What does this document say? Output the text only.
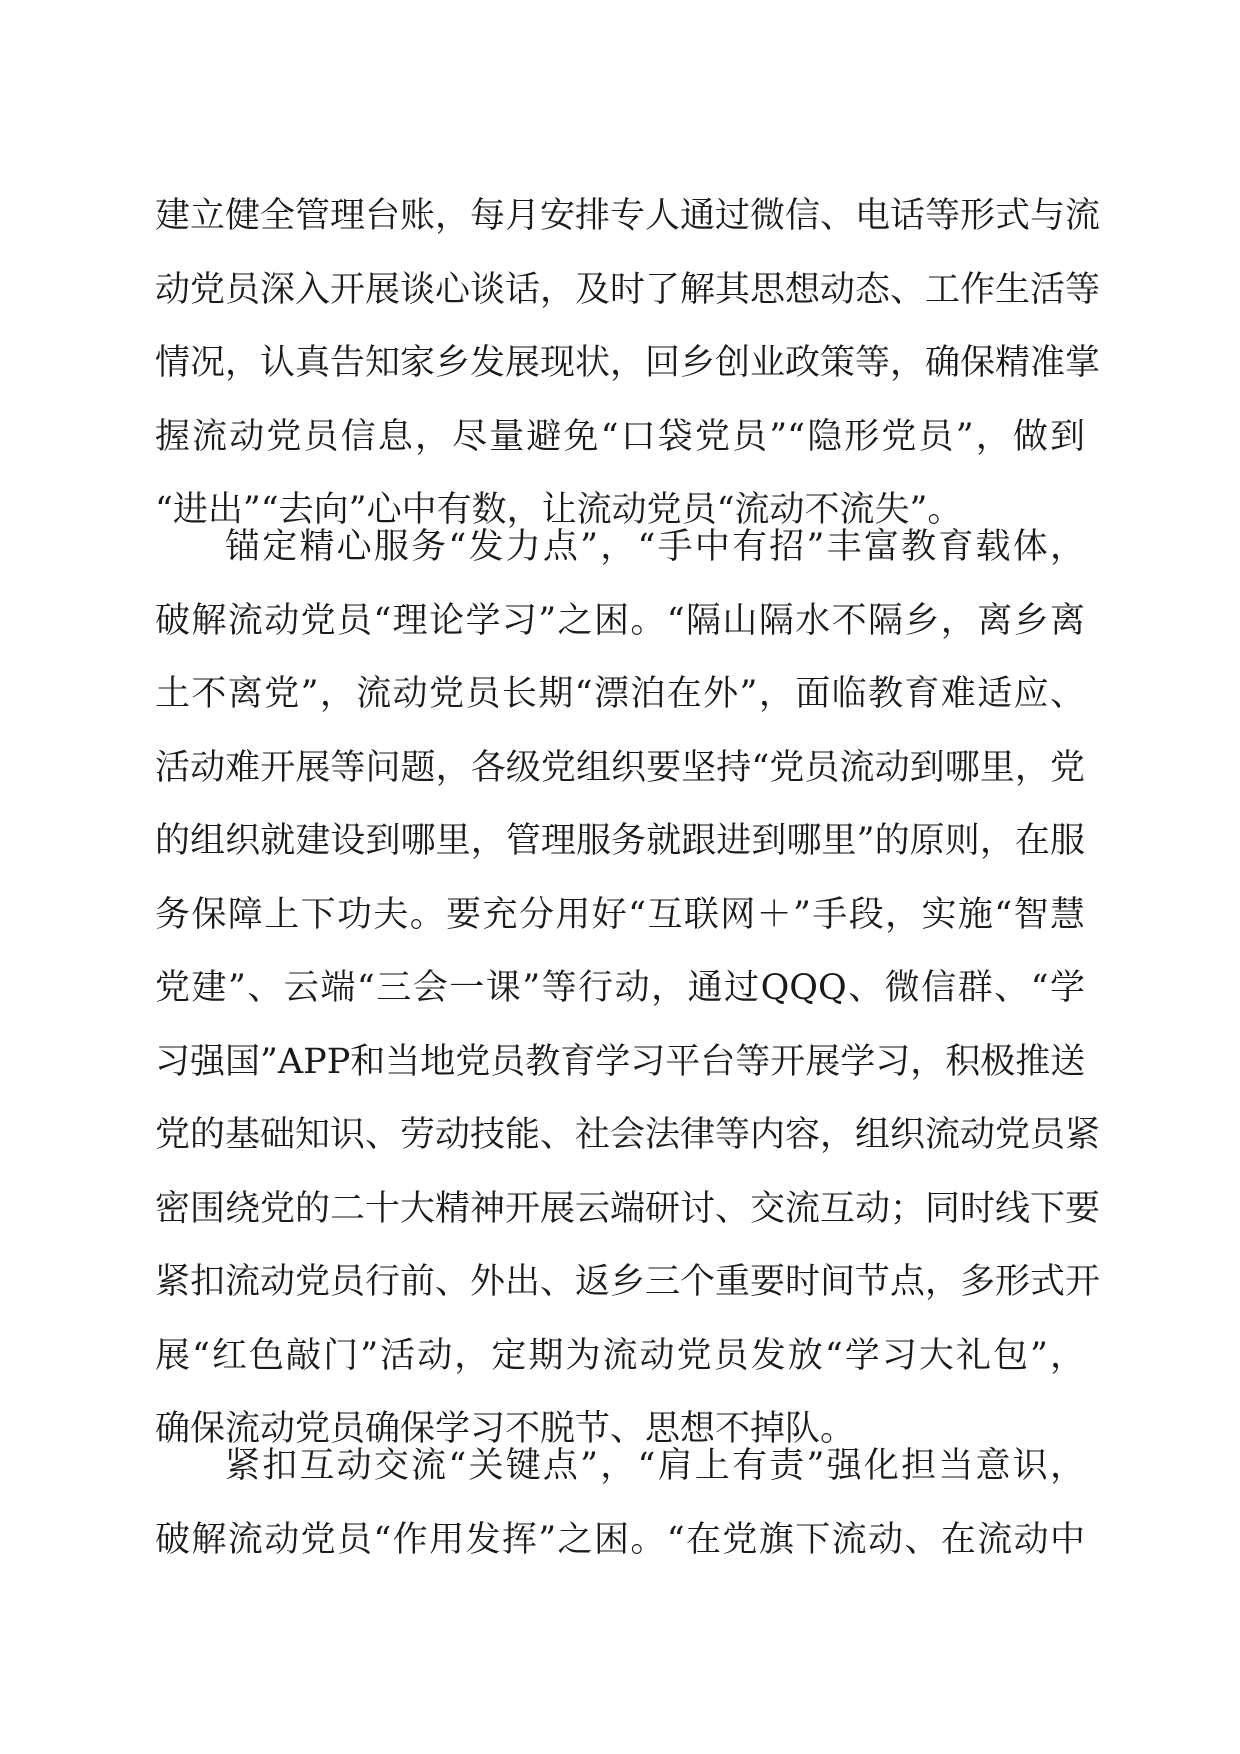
建立健全管理台账，每月安排专人通过微信、电话等形式与流
动党员深入开展谈心谈话，及时了解其思想动态、工作生活等
情况，认真告知家乡发展现状，回乡创业政策等，确保精准掌
握流动党员信息，尽量避免“口袋党员”“隐形党员”，做到
“进出”“去向”心中有数，让流动党员“流动不流失”。
锚定精心服务“发力点”，“手中有招”丰富教育载体，
破解流动党员“理论学习”之困。“隔山隔水不隔乡，离乡离
土不离党”，流动党员长期“漂泊在外”，面临教育难适应、
活动难开展等问题，各级党组织要坚持“党员流动到哪里，党
的组织就建设到哪里，管理服务就跟进到哪里”的原则，在服
务保障上下功夫。要充分用好“互联网＋”手段，实施“智慧
党建”、云端“三会一课”等行动，通过QQQ、微信群、“学
习强国”APP和当地党员教育学习平台等开展学习，积极推送
党的基础知识、劳动技能、社会法律等内容，组织流动党员紧
密围绕党的二十大精神开展云端研讨、交流互动；同时线下要
紧扣流动党员行前、外出、返乡三个重要时间节点，多形式开
展“红色敲门”活动，定期为流动党员发放“学习大礼包”，
确保流动党员确保学习不脱节、思想不掉队。
紧扣互动交流“关键点”，“肩上有责”强化担当意识，
破解流动党员“作用发挥”之困。“在党旗下流动、在流动中
